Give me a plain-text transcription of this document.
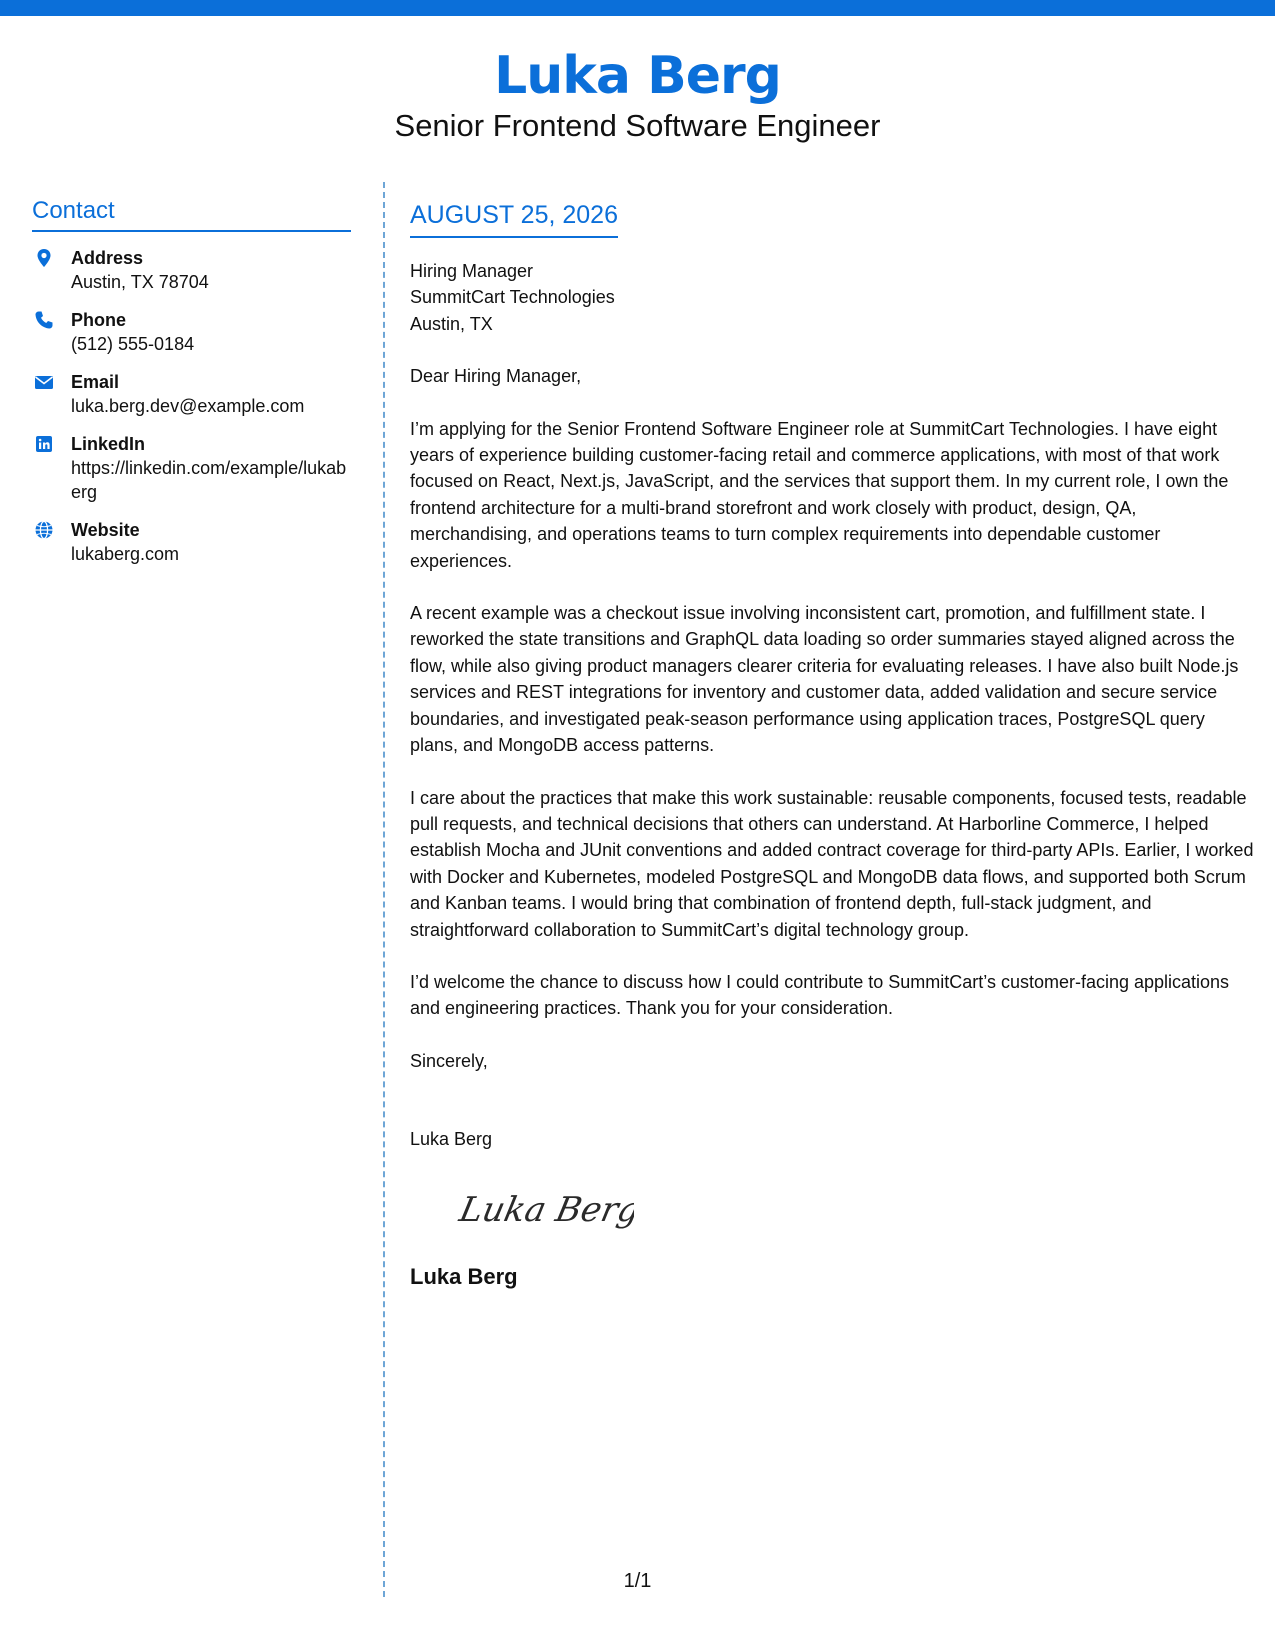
Luka Berg
Senior Frontend Software Engineer
Contact
Address
Austin, TX 78704
Phone
(512) 555-0184
Email
luka.berg.dev@example.com
LinkedIn
https://linkedin.com/example/lukaberg
Website
lukaberg.com
AUGUST 25, 2026
Hiring Manager
SummitCart Technologies
Austin, TX
Dear Hiring Manager,

I’m applying for the Senior Frontend Software Engineer role at SummitCart Technologies. I have eight years of experience building customer-facing retail and commerce applications, with most of that work focused on React, Next.js, JavaScript, and the services that support them. In my current role, I own the frontend architecture for a multi-brand storefront and work closely with product, design, QA, merchandising, and operations teams to turn complex requirements into dependable customer experiences.

A recent example was a checkout issue involving inconsistent cart, promotion, and fulfillment state. I reworked the state transitions and GraphQL data loading so order summaries stayed aligned across the flow, while also giving product managers clearer criteria for evaluating releases. I have also built Node.js services and REST integrations for inventory and customer data, added validation and secure service boundaries, and investigated peak-season performance using application traces, PostgreSQL query plans, and MongoDB access patterns.

I care about the practices that make this work sustainable: reusable components, focused tests, readable pull requests, and technical decisions that others can understand. At Harborline Commerce, I helped establish Mocha and JUnit conventions and added contract coverage for third-party APIs. Earlier, I worked with Docker and Kubernetes, modeled PostgreSQL and MongoDB data flows, and supported both Scrum and Kanban teams. I would bring that combination of frontend depth, full-stack judgment, and straightforward collaboration to SummitCart’s digital technology group.

I’d welcome the chance to discuss how I could contribute to SummitCart’s customer-facing applications and engineering practices. Thank you for your consideration.

Sincerely,
Luka Berg
Luka Berg
Luka Berg
1/1
